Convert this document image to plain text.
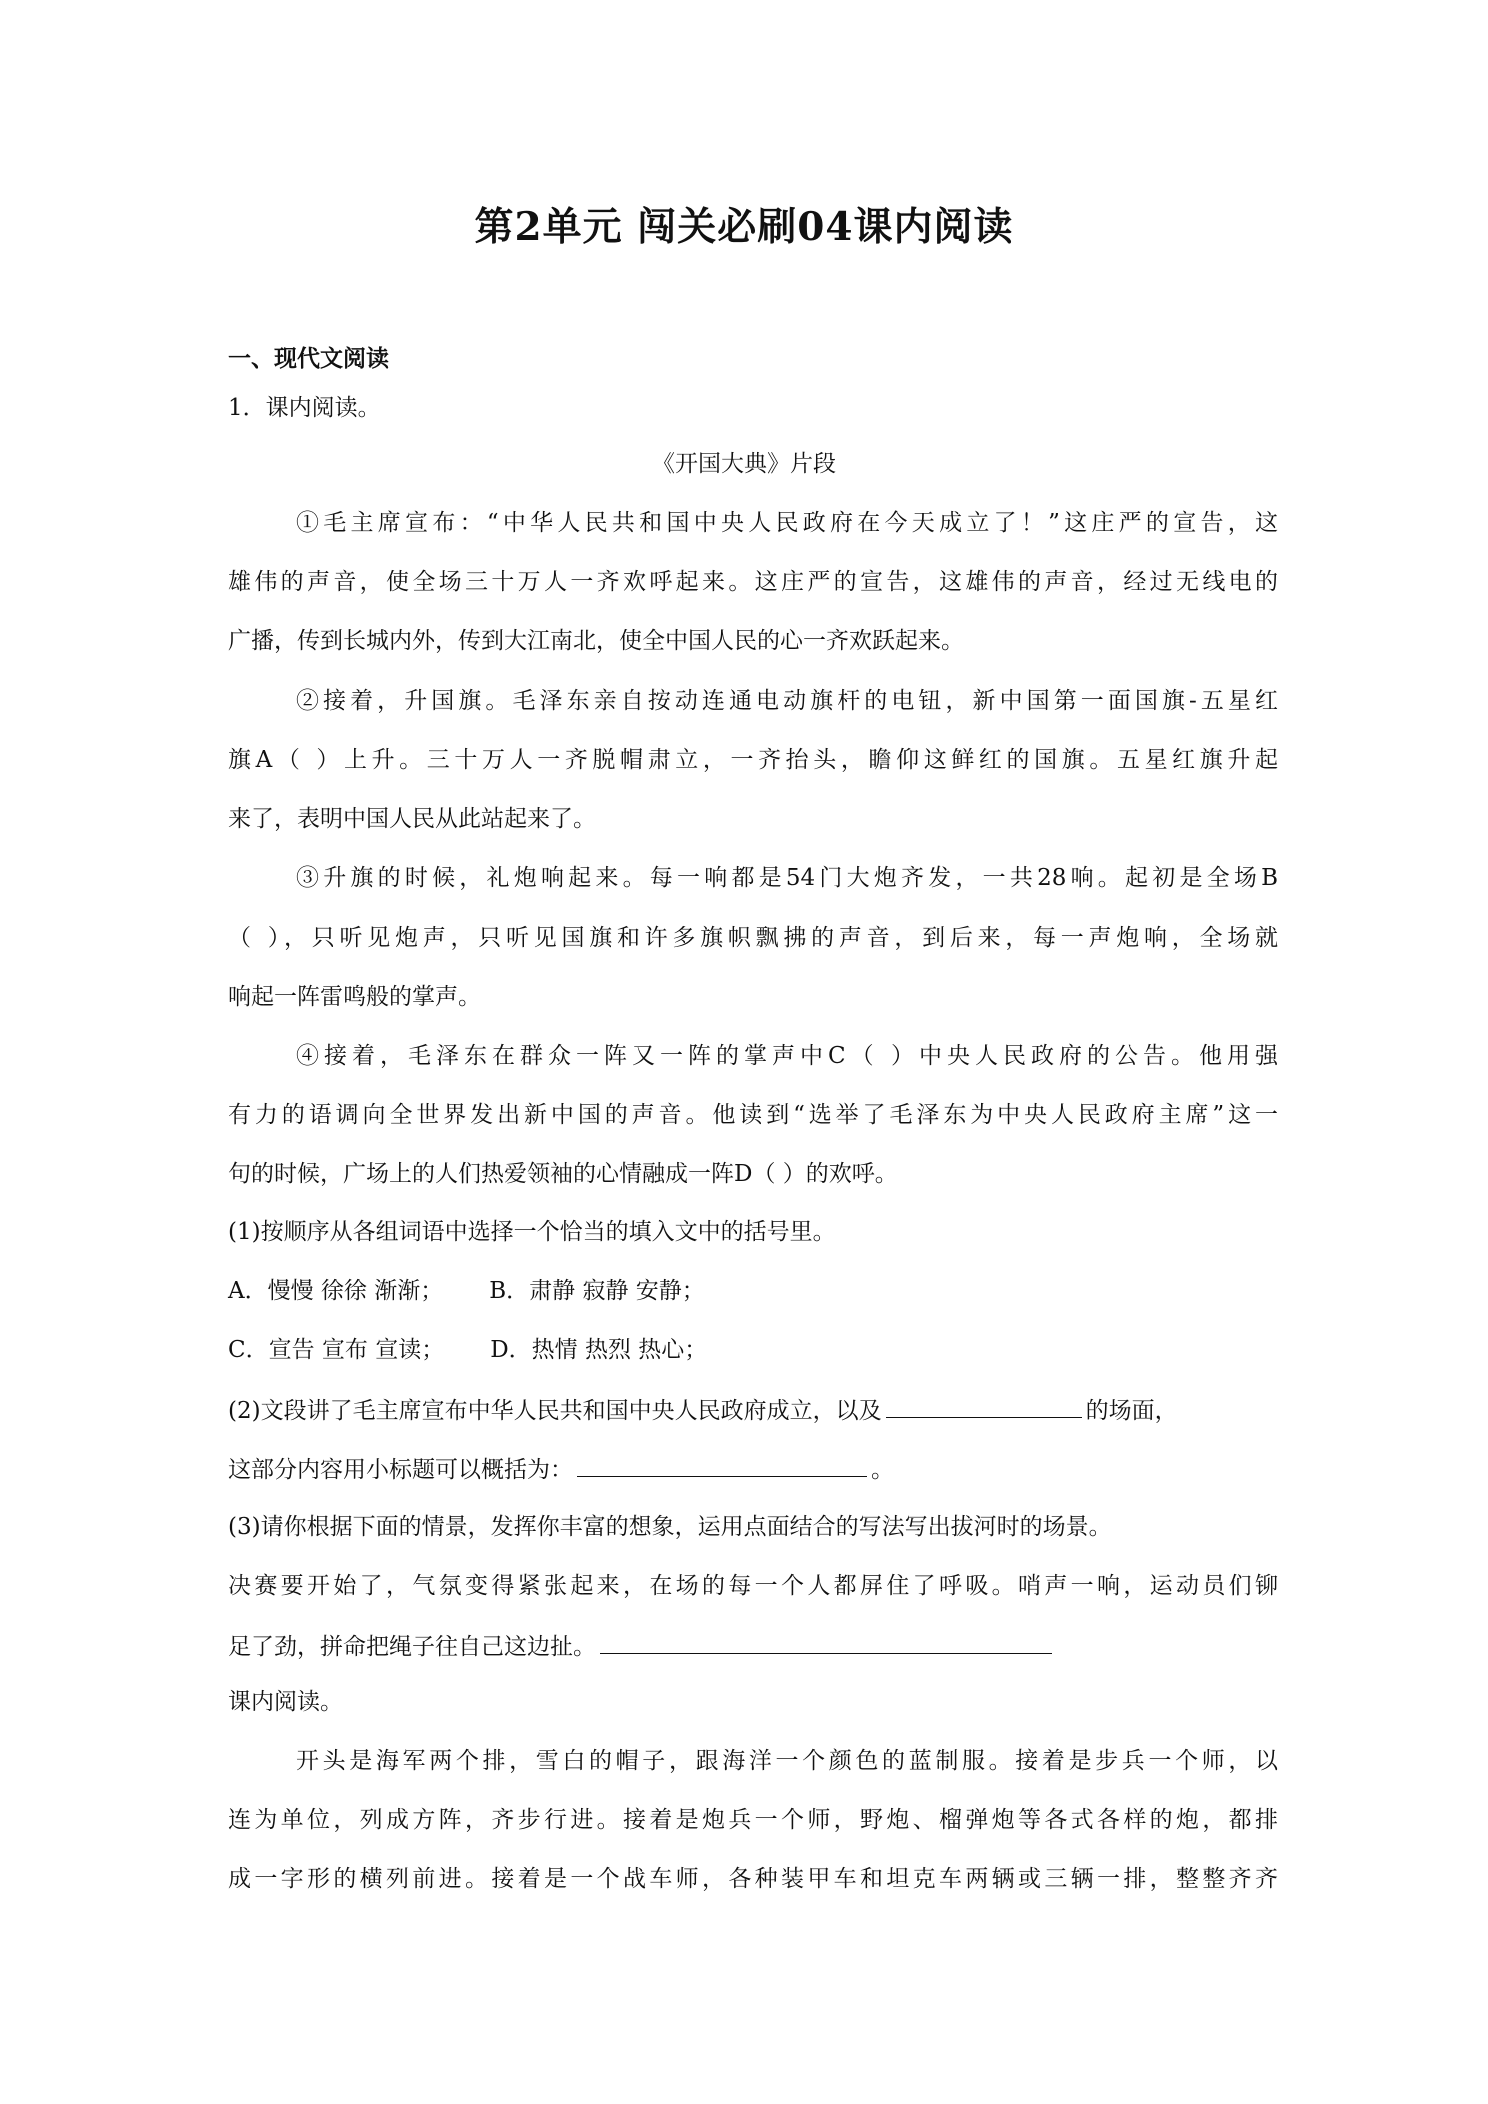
第2单元 闯关必刷04课内阅读
一、现代文阅读
1．课内阅读。
《开国大典》片段
①毛主席宣布：“中华人民共和国中央人民政府在今天成立了！”这庄严的宣告，这
雄伟的声音，使全场三十万人一齐欢呼起来。这庄严的宣告，这雄伟的声音，经过无线电的
广播，传到长城内外，传到大江南北，使全中国人民的心一齐欢跃起来。
②接着，升国旗。毛泽东亲自按动连通电动旗杆的电钮，新中国第一面国旗-五星红
旗A（ ）上升。三十万人一齐脱帽肃立，一齐抬头，瞻仰这鲜红的国旗。五星红旗升起
来了，表明中国人民从此站起来了。
③升旗的时候，礼炮响起来。每一响都是54门大炮齐发，一共28响。起初是全场B
（ ），只听见炮声，只听见国旗和许多旗帜飘拂的声音，到后来，每一声炮响，全场就
响起一阵雷鸣般的掌声。
④接着，毛泽东在群众一阵又一阵的掌声中C（ ）中央人民政府的公告。他用强
有力的语调向全世界发出新中国的声音。他读到“选举了毛泽东为中央人民政府主席”这一
句的时候，广场上的人们热爱领袖的心情融成一阵D（ ）的欢呼。
(1)按顺序从各组词语中选择一个恰当的填入文中的括号里。
A．慢慢 徐徐 渐渐； B．肃静 寂静 安静；
C．宣告 宣布 宣读； D．热情 热烈 热心；
(2)文段讲了毛主席宣布中华人民共和国中央人民政府成立，以及	的场面，
这部分内容用小标题可以概括为：	。
(3)请你根据下面的情景，发挥你丰富的想象，运用点面结合的写法写出拔河时的场景。
决赛要开始了，气氛变得紧张起来，在场的每一个人都屏住了呼吸。哨声一响，运动员们铆
足了劲，拼命把绳子往自己这边扯。
课内阅读。
开头是海军两个排，雪白的帽子，跟海洋一个颜色的蓝制服。接着是步兵一个师，以
连为单位，列成方阵，齐步行进。接着是炮兵一个师，野炮、榴弹炮等各式各样的炮，都排
成一字形的横列前进。接着是一个战车师，各种装甲车和坦克车两辆或三辆一排，整整齐齐
